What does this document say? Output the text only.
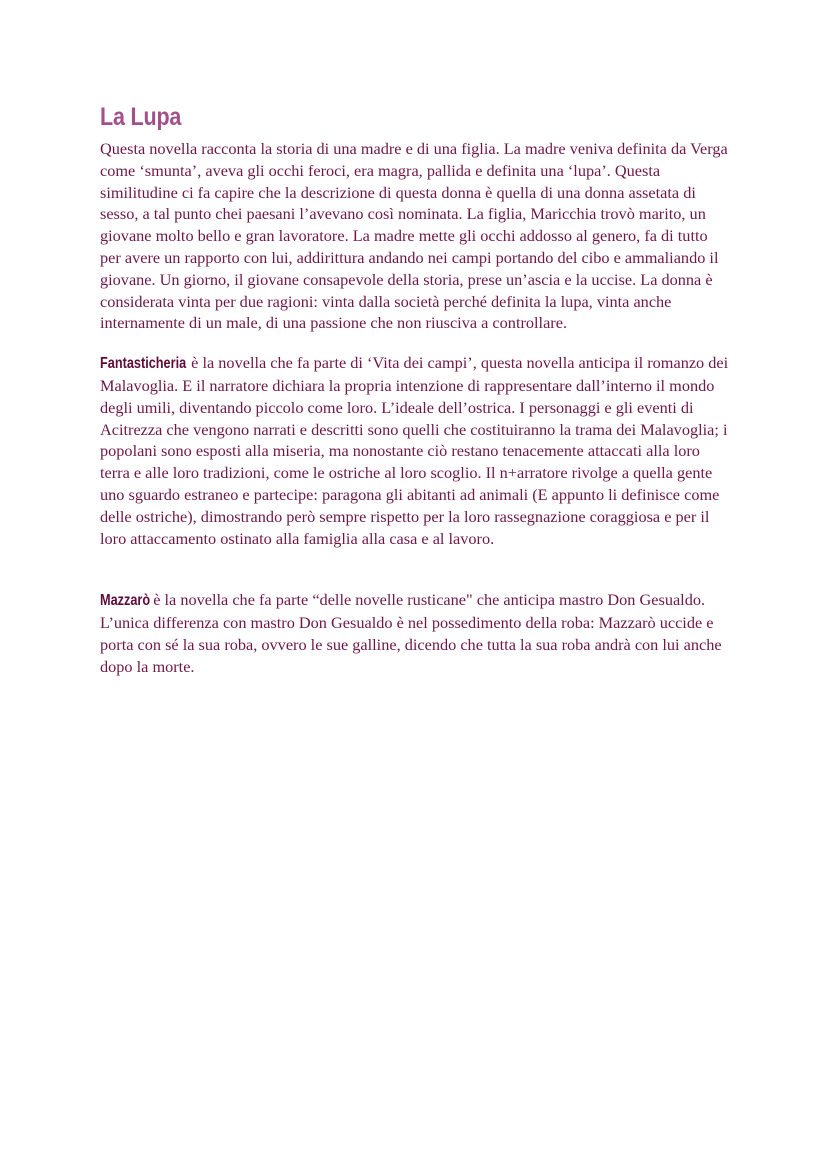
La Lupa

Questa novella racconta la storia di una madre e di una figlia. La madre veniva definita da Verga come ‘smunta’, aveva gli occhi feroci, era magra, pallida e definita una ‘lupa’. Questa similitudine ci fa capire che la descrizione di questa donna è quella di una donna assetata di sesso, a tal punto chei paesani l’avevano così nominata. La figlia, Maricchia trovò marito, un giovane molto bello e gran lavoratore. La madre mette gli occhi addosso al genero, fa di tutto per avere un rapporto con lui, addirittura andando nei campi portando del cibo e ammaliando il giovane. Un giorno, il giovane consapevole della storia, prese un’ascia e la uccise. La donna è considerata vinta per due ragioni: vinta dalla società perché definita la lupa, vinta anche internamente di un male, di una passione che non riusciva a controllare.

Fantasticheria è la novella che fa parte di ‘Vita dei campi’, questa novella anticipa il romanzo dei Malavoglia. E il narratore dichiara la propria intenzione di rappresentare dall’interno il mondo degli umili, diventando piccolo come loro. L’ideale dell’ostrica. I personaggi e gli eventi di Acitrezza che vengono narrati e descritti sono quelli che costituiranno la trama dei Malavoglia; i popolani sono esposti alla miseria, ma nonostante ciò restano tenacemente attaccati alla loro terra e alle loro tradizioni, come le ostriche al loro scoglio. Il n+arratore rivolge a quella gente uno sguardo estraneo e partecipe: paragona gli abitanti ad animali (E appunto li definisce come delle ostriche), dimostrando però sempre rispetto per la loro rassegnazione coraggiosa e per il loro attaccamento ostinato alla famiglia alla casa e al lavoro.

Mazzarò è la novella che fa parte “delle novelle rusticane" che anticipa mastro Don Gesualdo. L’unica differenza con mastro Don Gesualdo è nel possedimento della roba: Mazzarò uccide e porta con sé la sua roba, ovvero le sue galline, dicendo che tutta la sua roba andrà con lui anche dopo la morte.
